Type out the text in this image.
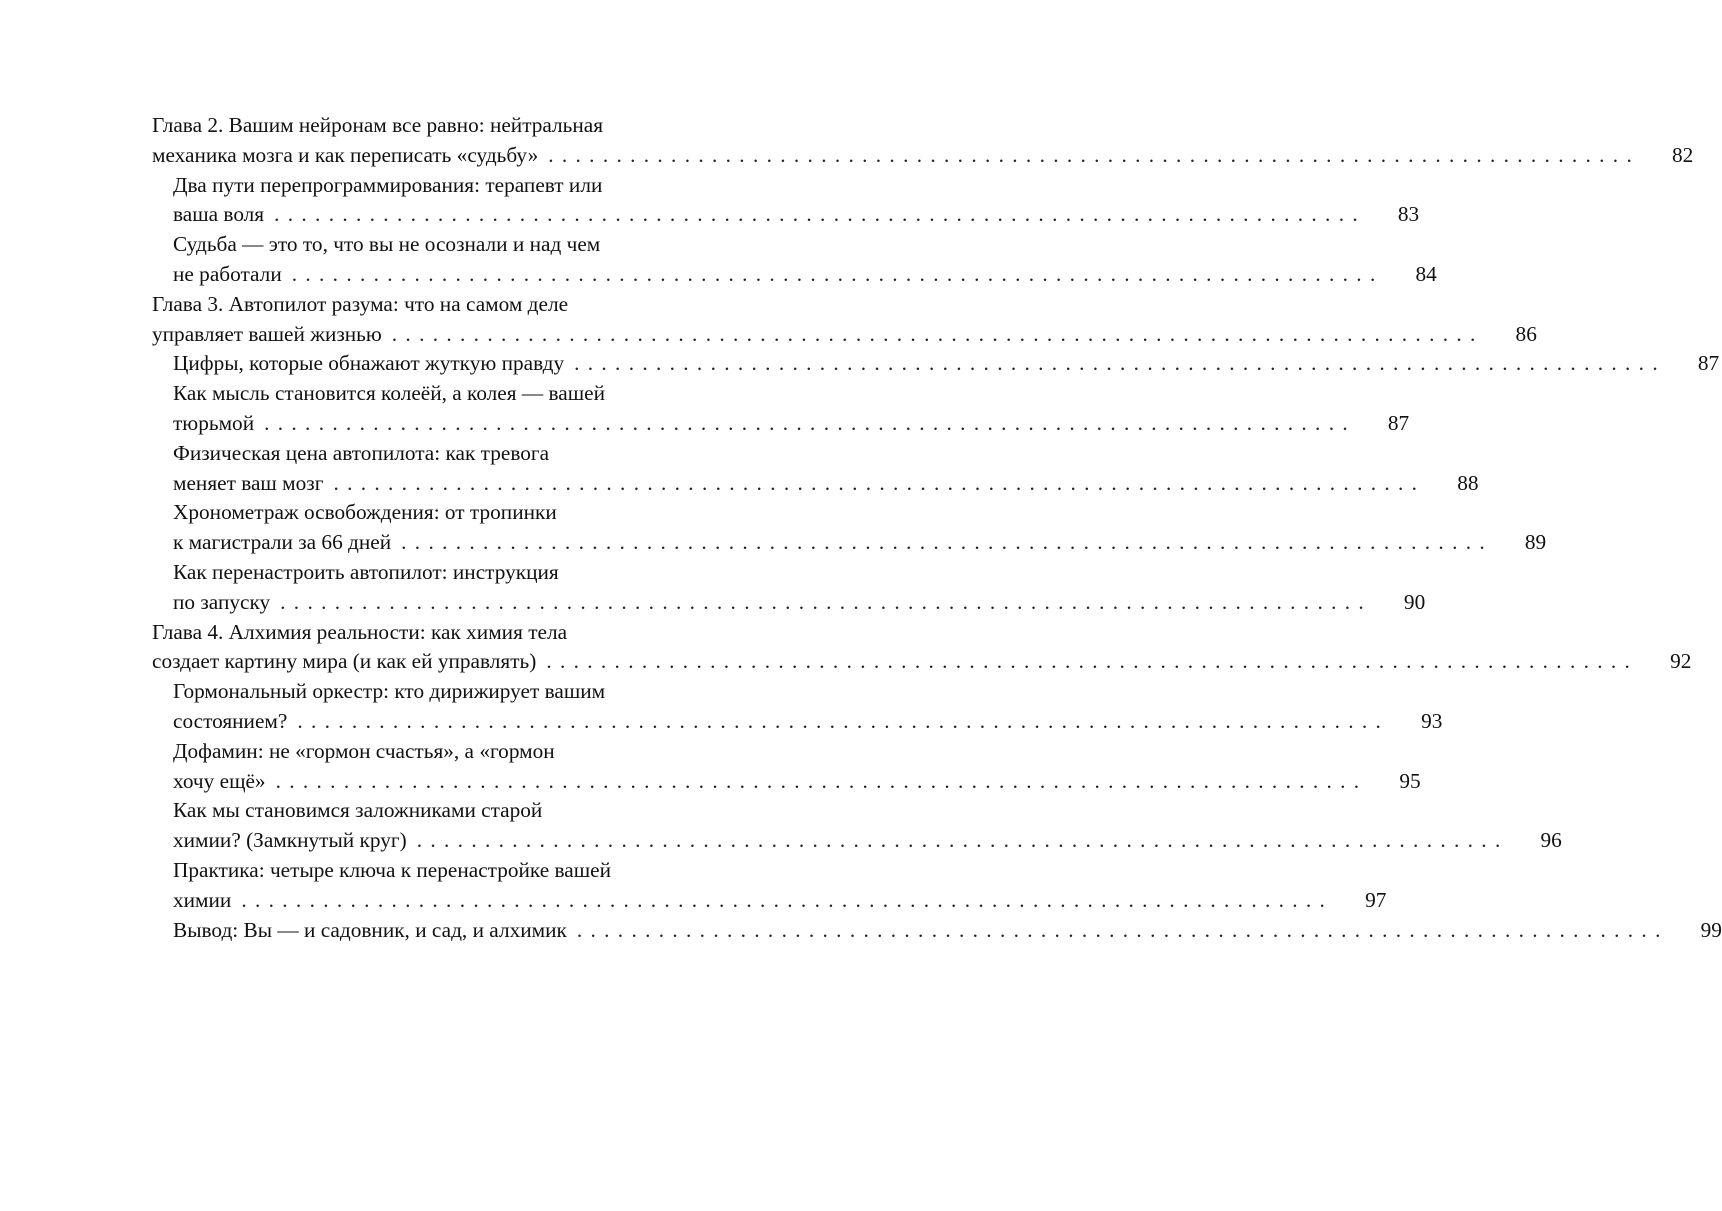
Глава 2. Вашим нейронам все равно: нейтральная
механика мозга и как переписать «судьбу» . . . . . . . . . . . . . . . . . . . . . . . . . . . . . . . . . . . . . . . . . . . . . . . . . . . . . . . . . . . . . . . . . . . . . . . . . . . . . . . .	82
Два пути перепрограммирования: терапевт или
ваша воля . . . . . . . . . . . . . . . . . . . . . . . . . . . . . . . . . . . . . . . . . . . . . . . . . . . . . . . . . . . . . . . . . . . . . . . . . . . . . . . .	83
Судьба — это то, что вы не осознали и над чем
не работали . . . . . . . . . . . . . . . . . . . . . . . . . . . . . . . . . . . . . . . . . . . . . . . . . . . . . . . . . . . . . . . . . . . . . . . . . . . . . . . .	84
Глава 3. Автопилот разума: что на самом деле
управляет вашей жизнью . . . . . . . . . . . . . . . . . . . . . . . . . . . . . . . . . . . . . . . . . . . . . . . . . . . . . . . . . . . . . . . . . . . . . . . . . . . . . . . .	86
Цифры, которые обнажают жуткую правду . . . . . . . . . . . . . . . . . . . . . . . . . . . . . . . . . . . . . . . . . . . . . . . . . . . . . . . . . . . . . . . . . . . . . . . . . . . . . . . .	87
Как мысль становится колеёй, а колея — вашей
тюрьмой . . . . . . . . . . . . . . . . . . . . . . . . . . . . . . . . . . . . . . . . . . . . . . . . . . . . . . . . . . . . . . . . . . . . . . . . . . . . . . . .	87
Физическая цена автопилота: как тревога
меняет ваш мозг . . . . . . . . . . . . . . . . . . . . . . . . . . . . . . . . . . . . . . . . . . . . . . . . . . . . . . . . . . . . . . . . . . . . . . . . . . . . . . . .	88
Хронометраж освобождения: от тропинки
к магистрали за 66 дней . . . . . . . . . . . . . . . . . . . . . . . . . . . . . . . . . . . . . . . . . . . . . . . . . . . . . . . . . . . . . . . . . . . . . . . . . . . . . . . .	89
Как перенастроить автопилот: инструкция
по запуску . . . . . . . . . . . . . . . . . . . . . . . . . . . . . . . . . . . . . . . . . . . . . . . . . . . . . . . . . . . . . . . . . . . . . . . . . . . . . . . .	90
Глава 4. Алхимия реальности: как химия тела
создает картину мира (и как ей управлять) . . . . . . . . . . . . . . . . . . . . . . . . . . . . . . . . . . . . . . . . . . . . . . . . . . . . . . . . . . . . . . . . . . . . . . . . . . . . . . . .	92
Гормональный оркестр: кто дирижирует вашим
состоянием? . . . . . . . . . . . . . . . . . . . . . . . . . . . . . . . . . . . . . . . . . . . . . . . . . . . . . . . . . . . . . . . . . . . . . . . . . . . . . . . .	93
Дофамин: не «гормон счастья», а «гормон
хочу ещё» . . . . . . . . . . . . . . . . . . . . . . . . . . . . . . . . . . . . . . . . . . . . . . . . . . . . . . . . . . . . . . . . . . . . . . . . . . . . . . . .	95
Как мы становимся заложниками старой
химии? (Замкнутый круг) . . . . . . . . . . . . . . . . . . . . . . . . . . . . . . . . . . . . . . . . . . . . . . . . . . . . . . . . . . . . . . . . . . . . . . . . . . . . . . . .	96
Практика: четыре ключа к перенастройке вашей
химии . . . . . . . . . . . . . . . . . . . . . . . . . . . . . . . . . . . . . . . . . . . . . . . . . . . . . . . . . . . . . . . . . . . . . . . . . . . . . . . .	97
Вывод: Вы — и садовник, и сад, и алхимик . . . . . . . . . . . . . . . . . . . . . . . . . . . . . . . . . . . . . . . . . . . . . . . . . . . . . . . . . . . . . . . . . . . . . . . . . . . . . . . .	99
